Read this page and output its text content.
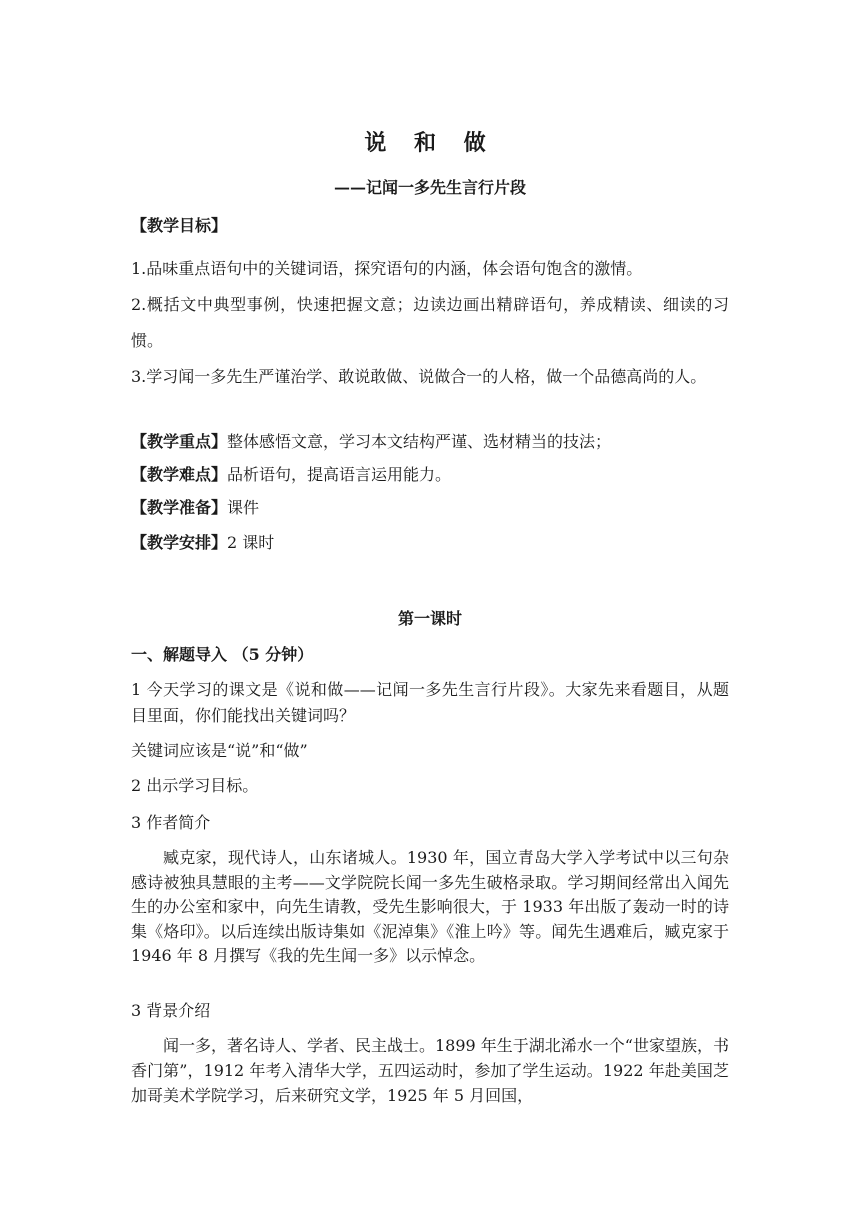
说 和 做
——记闻一多先生言行片段
【教学目标】
1.品味重点语句中的关键词语，探究语句的内涵，体会语句饱含的激情。
2.概括文中典型事例，快速把握文意；边读边画出精辟语句，养成精读、细读的习惯。
3.学习闻一多先生严谨治学、敢说敢做、说做合一的人格，做一个品德高尚的人。
【教学重点】整体感悟文意，学习本文结构严谨、选材精当的技法；
【教学难点】品析语句，提高语言运用能力。
【教学准备】课件
【教学安排】2 课时
第一课时
一、解题导入 （5 分钟）
1 今天学习的课文是《说和做——记闻一多先生言行片段》。大家先来看题目，从题目里面，你们能找出关键词吗？
关键词应该是“说”和“做”
2 出示学习目标。
3 作者简介
臧克家，现代诗人，山东诸城人。1930 年，国立青岛大学入学考试中以三句杂感诗被独具慧眼的主考——文学院院长闻一多先生破格录取。学习期间经常出入闻先生的办公室和家中，向先生请教，受先生影响很大，于 1933 年出版了轰动一时的诗集《烙印》。以后连续出版诗集如《泥淖集》《淮上吟》等。闻先生遇难后，臧克家于 1946 年 8 月撰写《我的先生闻一多》以示悼念。
3 背景介绍
闻一多，著名诗人、学者、民主战士。1899 年生于湖北浠水一个“世家望族，书香门第”，1912 年考入清华大学，五四运动时，参加了学生运动。1922 年赴美国芝加哥美术学院学习，后来研究文学，1925 年 5 月回国，
